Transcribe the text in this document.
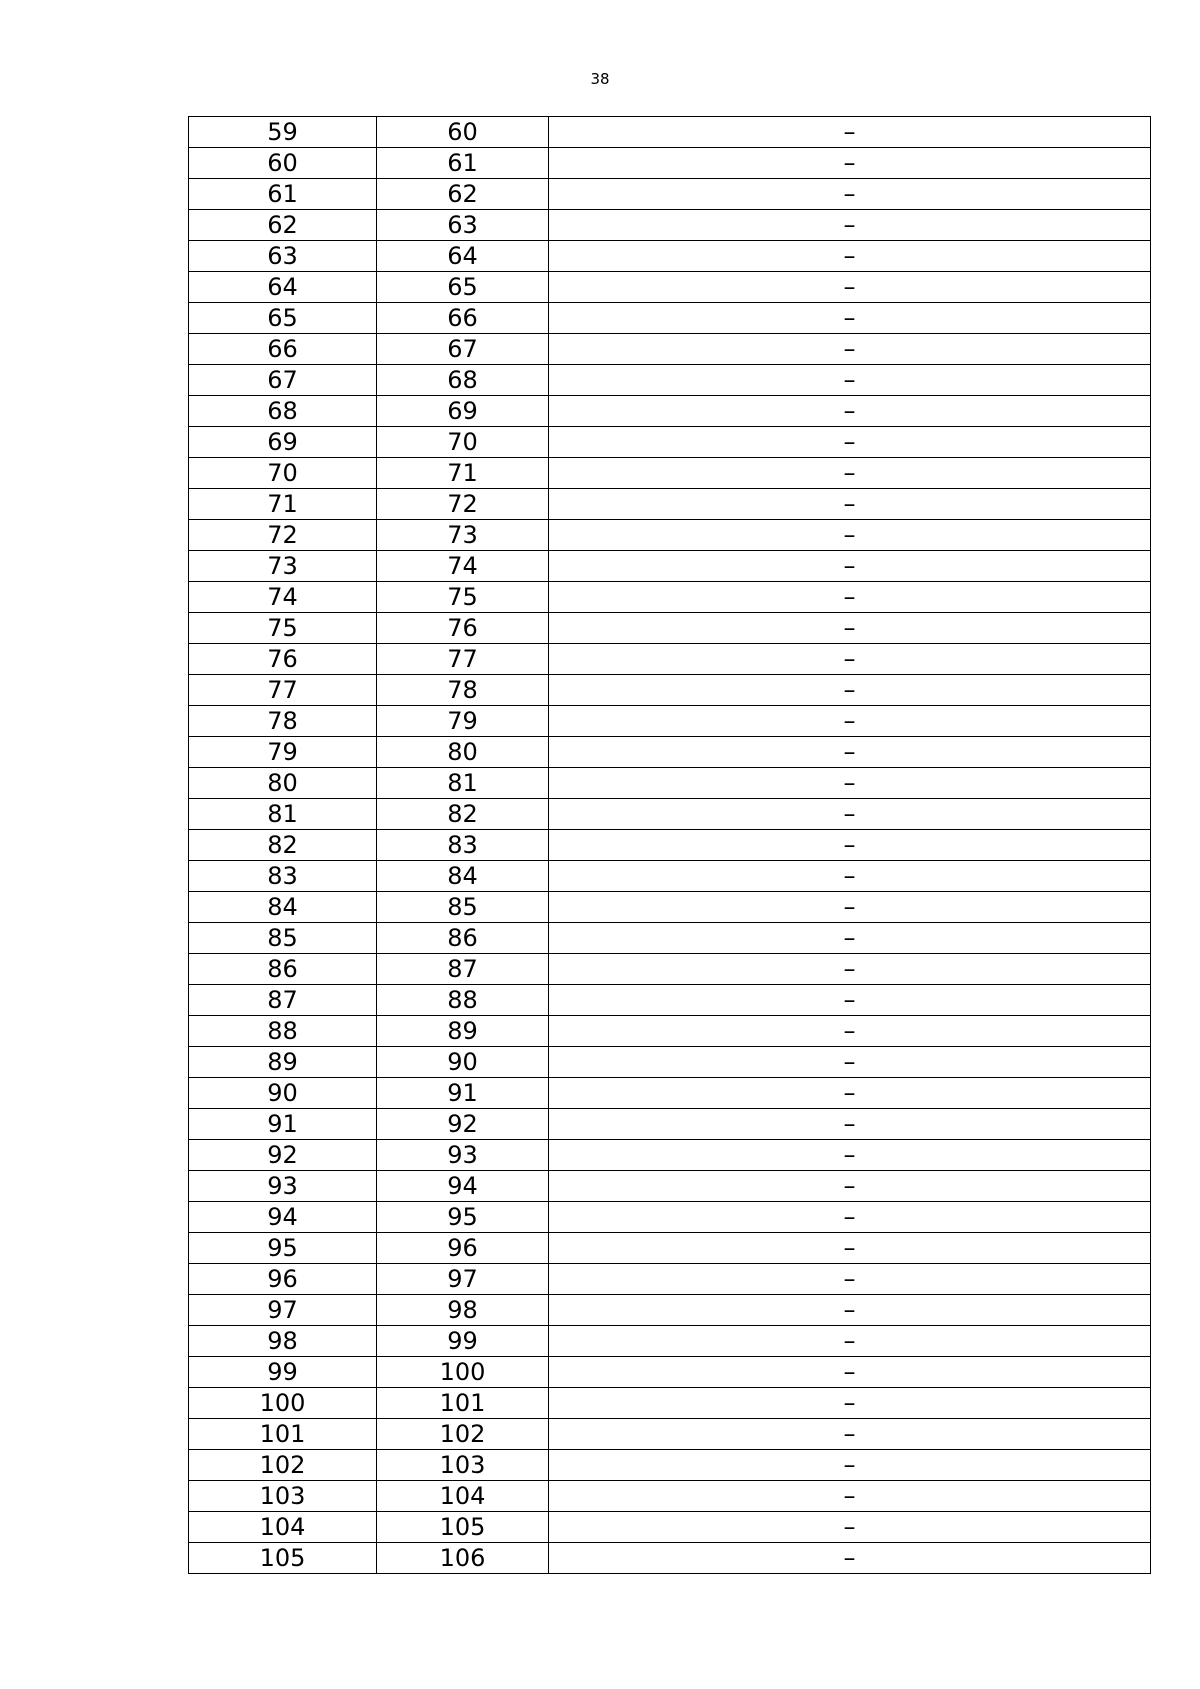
38
59	60	–
60	61	–
61	62	–
62	63	–
63	64	–
64	65	–
65	66	–
66	67	–
67	68	–
68	69	–
69	70	–
70	71	–
71	72	–
72	73	–
73	74	–
74	75	–
75	76	–
76	77	–
77	78	–
78	79	–
79	80	–
80	81	–
81	82	–
82	83	–
83	84	–
84	85	–
85	86	–
86	87	–
87	88	–
88	89	–
89	90	–
90	91	–
91	92	–
92	93	–
93	94	–
94	95	–
95	96	–
96	97	–
97	98	–
98	99	–
99	100	–
100	101	–
101	102	–
102	103	–
103	104	–
104	105	–
105	106	–
